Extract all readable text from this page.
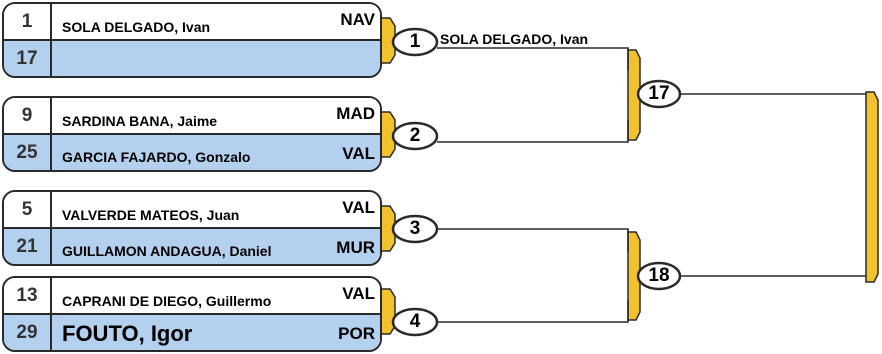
1	SOLA DELGADO, Ivan	NAV
17
9	SARDINA BANA, Jaime	MAD
25	GARCIA FAJARDO, Gonzalo	VAL
5	VALVERDE MATEOS, Juan	VAL
21	GUILLAMON ANDAGUA, Daniel	MUR
13	CAPRANI DE DIEGO, Guillermo	VAL
29	FOUTO, Igor	POR
SOLA DELGADO, Ivan
1
2
3
4
17
18
